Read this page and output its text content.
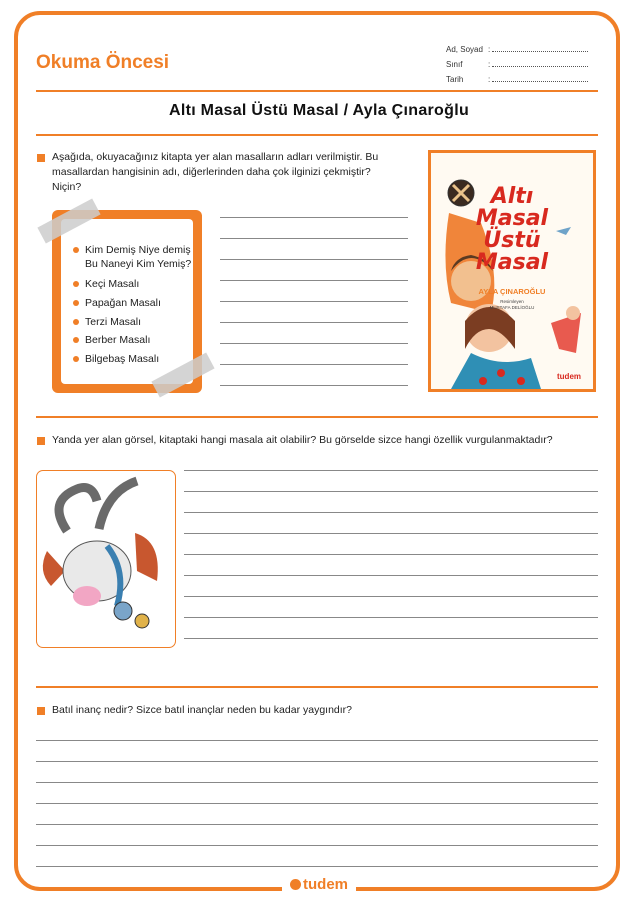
Okuma Öncesi
Ad, Soyad :
Sınıf	:
Tarih	:
Altı Masal Üstü Masal / Ayla Çınaroğlu
Aşağıda, okuyacağınız kitapta yer alan masalların adları verilmiştir. Bu
masallardan hangisinin adı, diğerlerinden daha çok ilginizi çekmiştir?
Niçin?
Kim Demiş Niye demiş
Bu Naneyi Kim Yemiş?
Keçi Masalı
Papağan Masalı
Terzi Masalı
Berber Masalı
Bilgebaş Masalı
Altı
Masal
Üstü
Masal
AYLA ÇINAROĞLU
Resimleyen
MUSTAFA DELİOĞLU
tudem
Yanda yer alan görsel, kitaptaki hangi masala ait olabilir? Bu görselde sizce hangi özellik vurgulanmaktadır?
Batıl inanç nedir? Sizce batıl inançlar neden bu kadar yaygındır?
tudem
